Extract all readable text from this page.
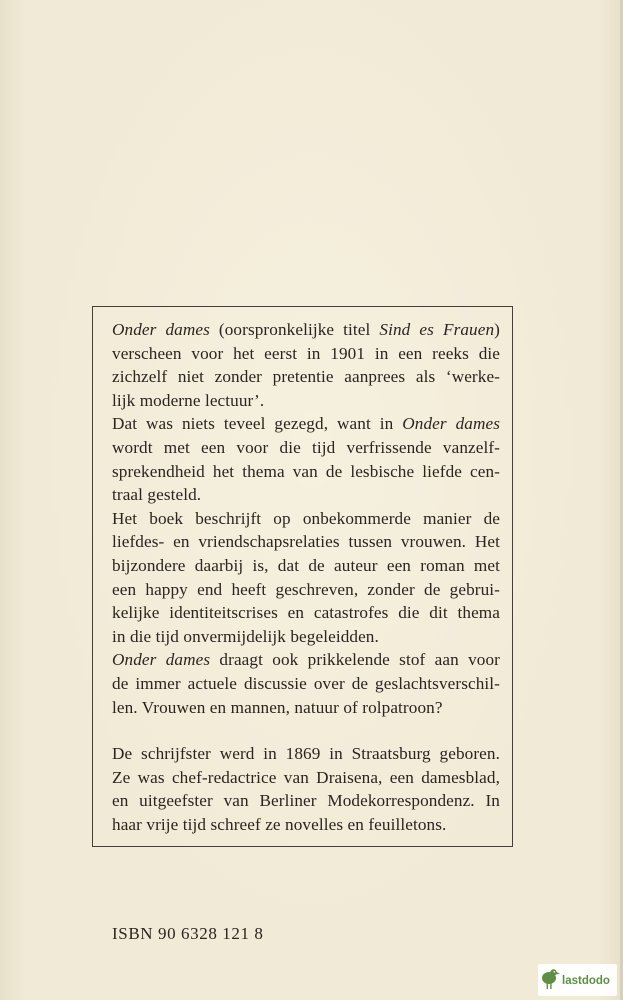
Onder dames (oorspronkelijke titel Sind es Frauen)
verscheen voor het eerst in 1901 in een reeks die
zichzelf niet zonder pretentie aanprees als ‘werke-
lijk moderne lectuur’.
Dat was niets teveel gezegd, want in Onder dames
wordt met een voor die tijd verfrissende vanzelf-
sprekendheid het thema van de lesbische liefde cen-
traal gesteld.
Het boek beschrijft op onbekommerde manier de
liefdes- en vriendschapsrelaties tussen vrouwen. Het
bijzondere daarbij is, dat de auteur een roman met
een happy end heeft geschreven, zonder de gebrui-
kelijke identiteitscrises en catastrofes die dit thema
in die tijd onvermijdelijk begeleidden.
Onder dames draagt ook prikkelende stof aan voor
de immer actuele discussie over de geslachtsverschil-
len. Vrouwen en mannen, natuur of rolpatroon?
De schrijfster werd in 1869 in Straatsburg geboren.
Ze was chef-redactrice van Draisena, een damesblad,
en uitgeefster van Berliner Modekorrespondenz. In
haar vrije tijd schreef ze novelles en feuilletons.
ISBN 90 6328 121 8
lastdodo
